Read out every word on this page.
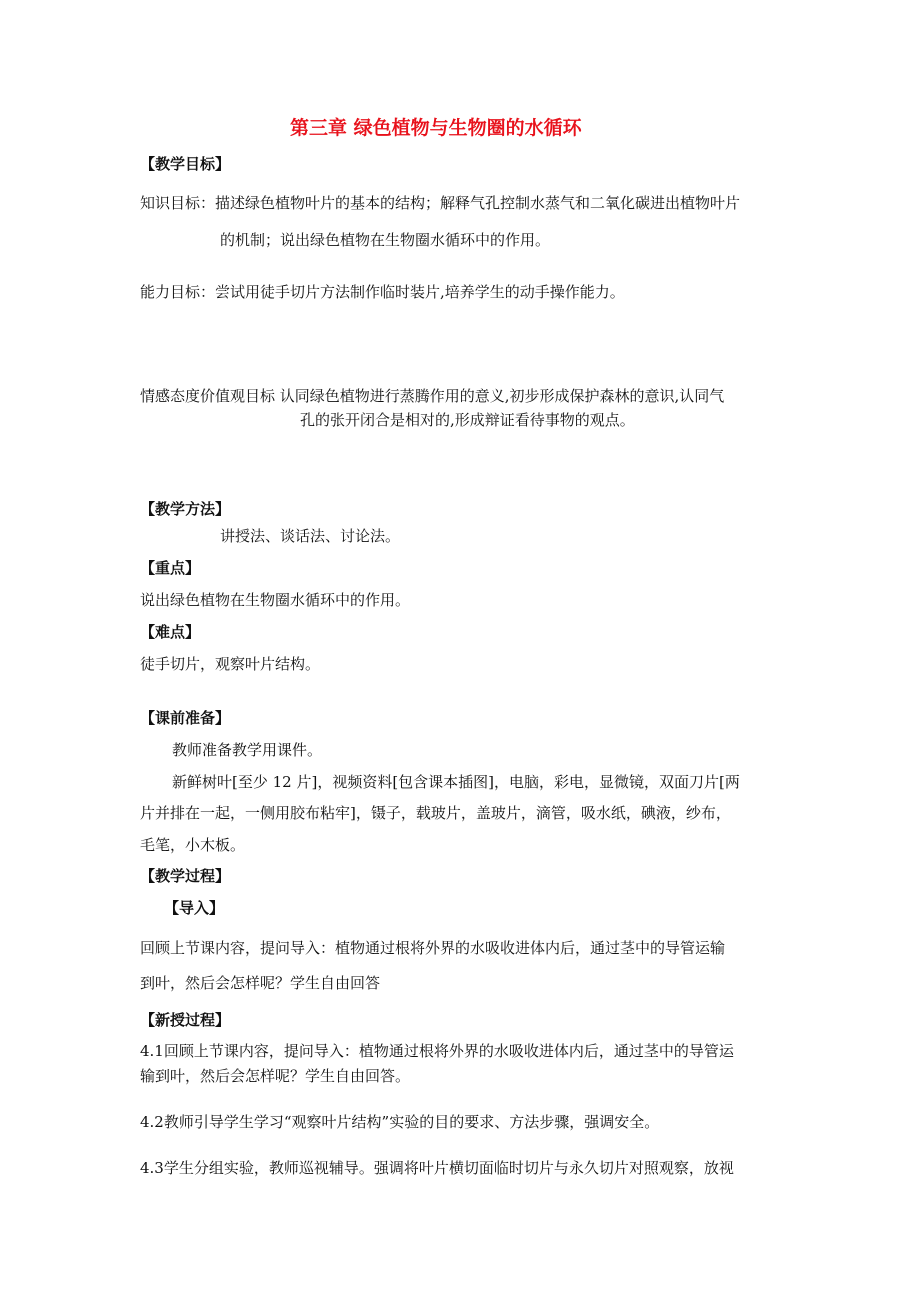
第三章 绿色植物与生物圈的水循环
【教学目标】
知识目标：描述绿色植物叶片的基本的结构；解释气孔控制水蒸气和二氧化碳进出植物叶片
的机制；说出绿色植物在生物圈水循环中的作用。
能力目标：尝试用徒手切片方法制作临时装片,培养学生的动手操作能力。
情感态度价值观目标 认同绿色植物进行蒸腾作用的意义,初步形成保护森林的意识,认同气
孔的张开闭合是相对的,形成辩证看待事物的观点。
【教学方法】
讲授法、谈话法、讨论法。
【重点】
说出绿色植物在生物圈水循环中的作用。
【难点】
徒手切片，观察叶片结构。
【课前准备】
教师准备教学用课件。
新鲜树叶[至少 12 片]，视频资料[包含课本插图]，电脑，彩电，显微镜，双面刀片[两
片并排在一起，一侧用胶布粘牢]，镊子，载玻片，盖玻片，滴管，吸水纸，碘液，纱布，
毛笔，小木板。
【教学过程】
【导入】
回顾上节课内容，提问导入：植物通过根将外界的水吸收进体内后，通过茎中的导管运输
到叶，然后会怎样呢？学生自由回答
【新授过程】
4.1回顾上节课内容，提问导入：植物通过根将外界的水吸收进体内后，通过茎中的导管运
输到叶，然后会怎样呢？学生自由回答。
4.2教师引导学生学习“观察叶片结构”实验的目的要求、方法步骤，强调安全。
4.3学生分组实验，教师巡视辅导。强调将叶片横切面临时切片与永久切片对照观察，放视
